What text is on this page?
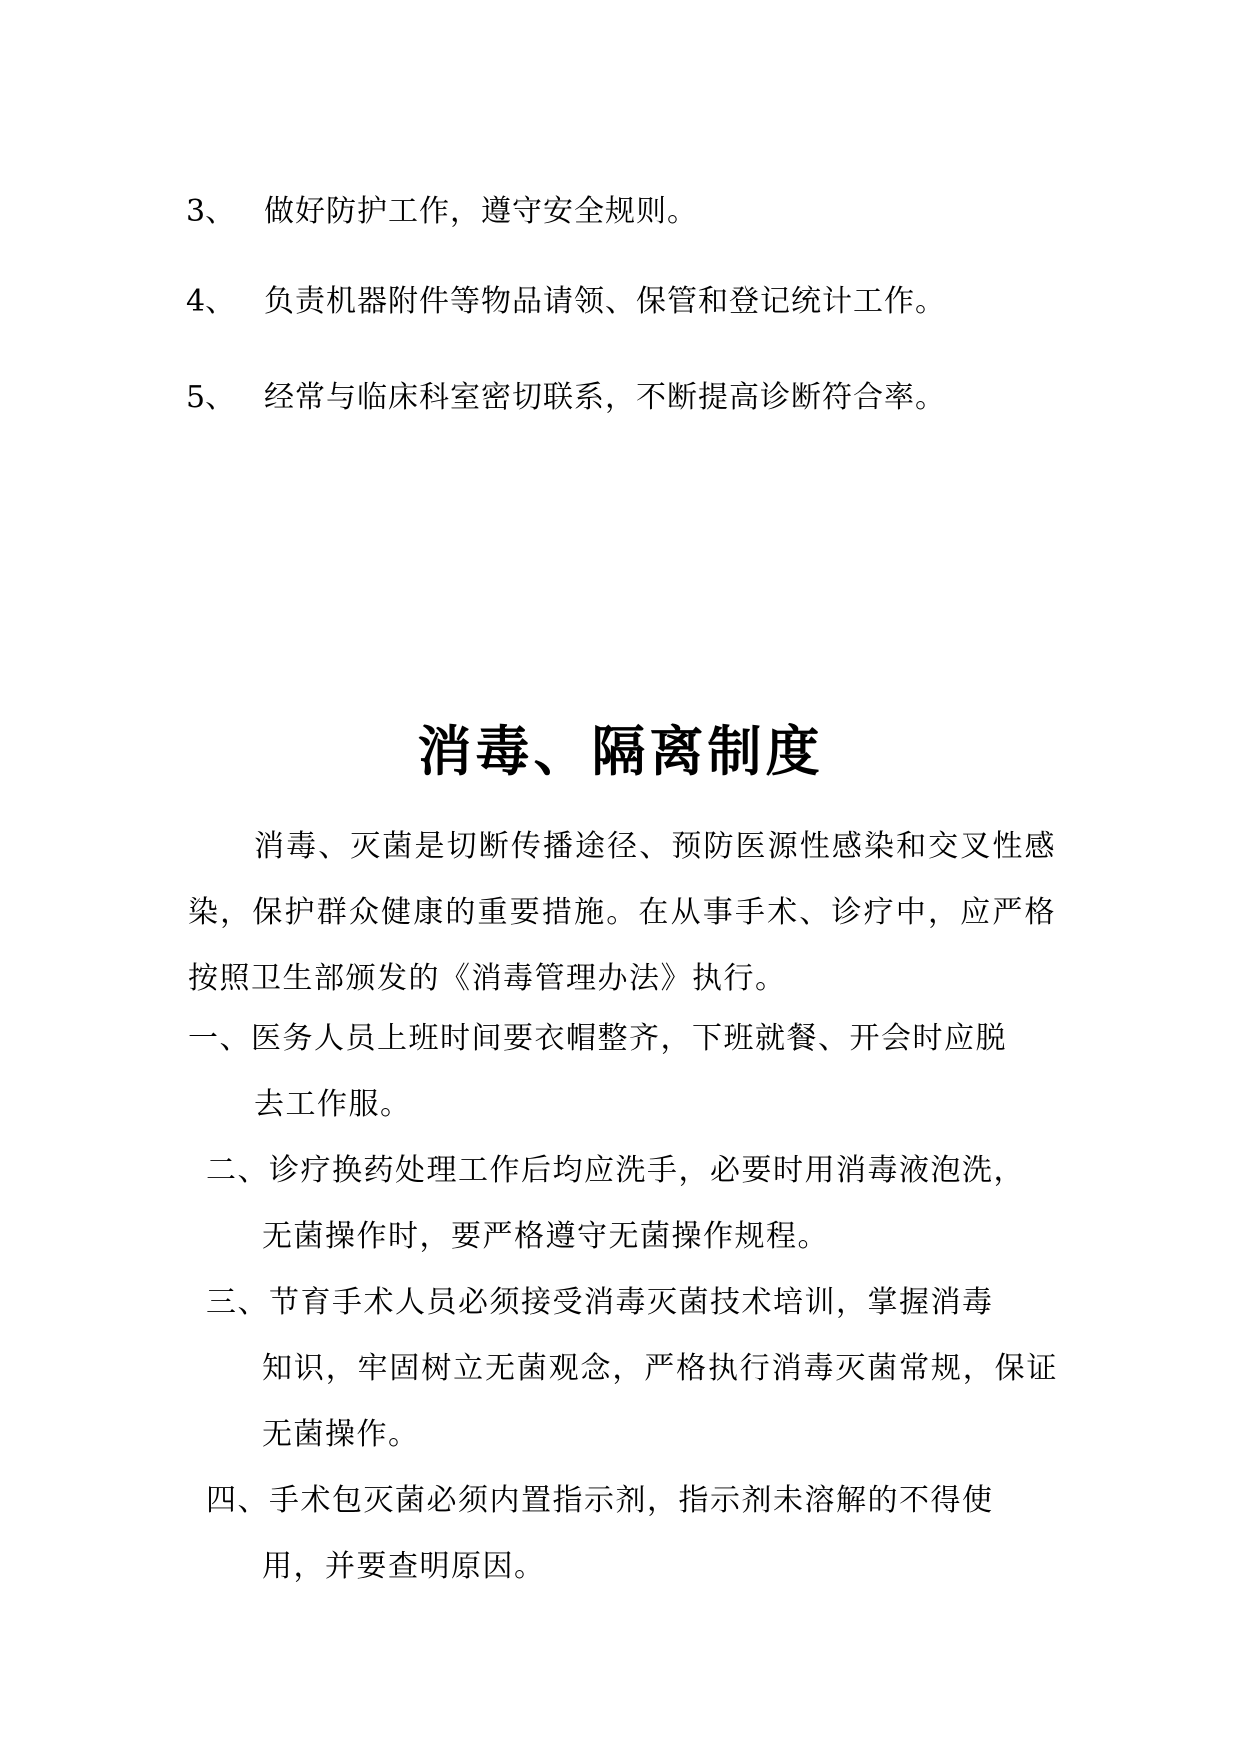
3、 做好防护工作，遵守安全规则。
4、 负责机器附件等物品请领、保管和登记统计工作。
5、 经常与临床科室密切联系，不断提高诊断符合率。
消毒、隔离制度
消毒、灭菌是切断传播途径、预防医源性感染和交叉性感染，保护群众健康的重要措施。在从事手术、诊疗中，应严格按照卫生部颁发的《消毒管理办法》执行。
一、医务人员上班时间要衣帽整齐，下班就餐、开会时应脱
去工作服。
二、诊疗换药处理工作后均应洗手，必要时用消毒液泡洗，
无菌操作时，要严格遵守无菌操作规程。
三、节育手术人员必须接受消毒灭菌技术培训，掌握消毒
知识，牢固树立无菌观念，严格执行消毒灭菌常规，保证无菌操作。
四、手术包灭菌必须内置指示剂，指示剂未溶解的不得使
用，并要查明原因。
